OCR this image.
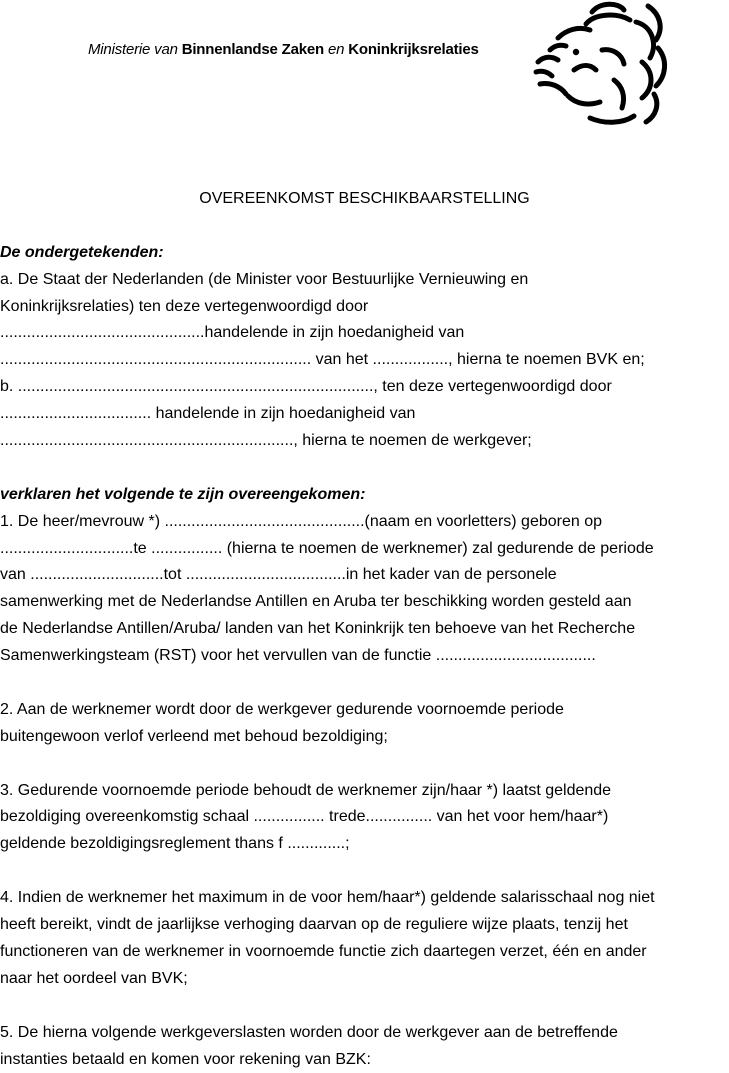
Ministerie van Binnenlandse Zaken en Koninkrijksrelaties

OVEREENKOMST BESCHIKBAARSTELLING

De ondergetekenden:

a. De Staat der Nederlanden (de Minister voor Bestuurlijke Vernieuwing en

Koninkrijksrelaties) ten deze vertegenwoordigd door

..............................................handelende in zijn hoedanigheid van

...................................................................... van het ................., hierna te noemen BVK en;

b. ................................................................................, ten deze vertegenwoordigd door

.................................. handelende in zijn hoedanigheid van

.................................................................., hierna te noemen de werkgever;

verklaren het volgende te zijn overeengekomen:

1. De heer/mevrouw *) .............................................(naam en voorletters) geboren op

..............................te ................ (hierna te noemen de werknemer) zal gedurende de periode

van ..............................tot ....................................in het kader van de personele

samenwerking met de Nederlandse Antillen en Aruba ter beschikking worden gesteld aan

de Nederlandse Antillen/Aruba/ landen van het Koninkrijk ten behoeve van het Recherche

Samenwerkingsteam (RST) voor het vervullen van de functie ....................................

2. Aan de werknemer wordt door de werkgever gedurende voornoemde periode

buitengewoon verlof verleend met behoud bezoldiging;

3. Gedurende voornoemde periode behoudt de werknemer zijn/haar *) laatst geldende

bezoldiging overeenkomstig schaal ................ trede............... van het voor hem/haar*)

geldende bezoldigingsreglement thans f .............;

4. Indien de werknemer het maximum in de voor hem/haar*) geldende salarisschaal nog niet

heeft bereikt, vindt de jaarlijkse verhoging daarvan op de reguliere wijze plaats, tenzij het

functioneren van de werknemer in voornoemde functie zich daartegen verzet, één en ander

naar het oordeel van BVK;

5. De hierna volgende werkgeverslasten worden door de werkgever aan de betreffende

instanties betaald en komen voor rekening van BZK:
